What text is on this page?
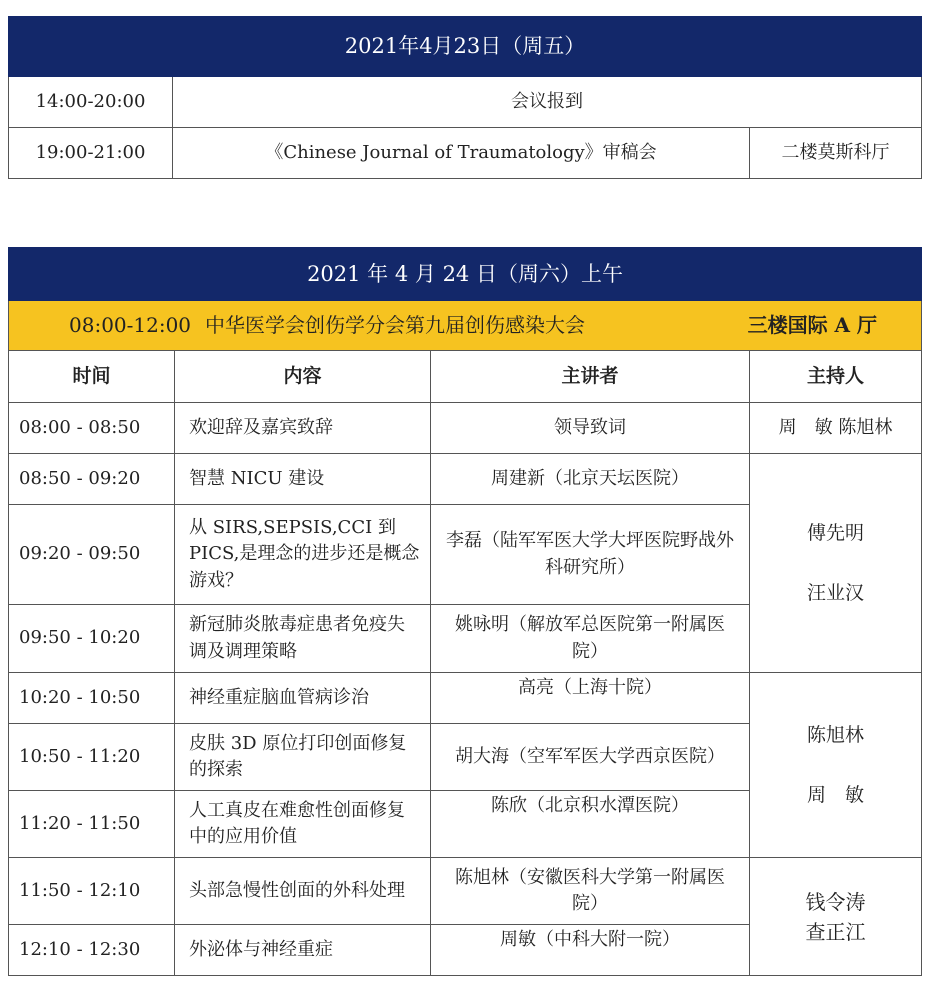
2021年4月23日（周五）		
14:00-20:00	会议报到	
19:00-21:00	《Chinese Journal of Traumatology》审稿会	二楼莫斯科厅
2021 年 4 月 24 日（周六）上午			

08:00-12:00 中华医学会创伤学分会第九届创伤感染大会 三楼国际 A 厅			

时间	内容	主讲者	主持人
08:00 - 08:50	欢迎辞及嘉宾致辞	领导致词	周　敏 陈旭林
08:50 - 09:20	智慧 NICU 建设	周建新（北京天坛医院）	傅先明
汪业汉

09:20 - 09:50	从 SIRS,SEPSIS,CCI 到 PICS,是理念的进步还是概念游戏？	李磊（陆军军医大学大坪医院野战外科研究所）	
09:50 - 10:20	新冠肺炎脓毒症患者免疫失调及调理策略	姚咏明（解放军总医院第一附属医院）	
10:20 - 10:50	神经重症脑血管病诊治	高亮（上海十院）	陈旭林
周　敏

10:50 - 11:20	皮肤 3D 原位打印创面修复的探索	胡大海（空军军医大学西京医院）	
11:20 - 11:50	人工真皮在难愈性创面修复中的应用价值	陈欣（北京积水潭医院）	
11:50 - 12:10	头部急慢性创面的外科处理	陈旭林（安徽医科大学第一附属医院）	钱令涛
查正江

12:10 - 12:30	外泌体与神经重症	周敏（中科大附一院）	
